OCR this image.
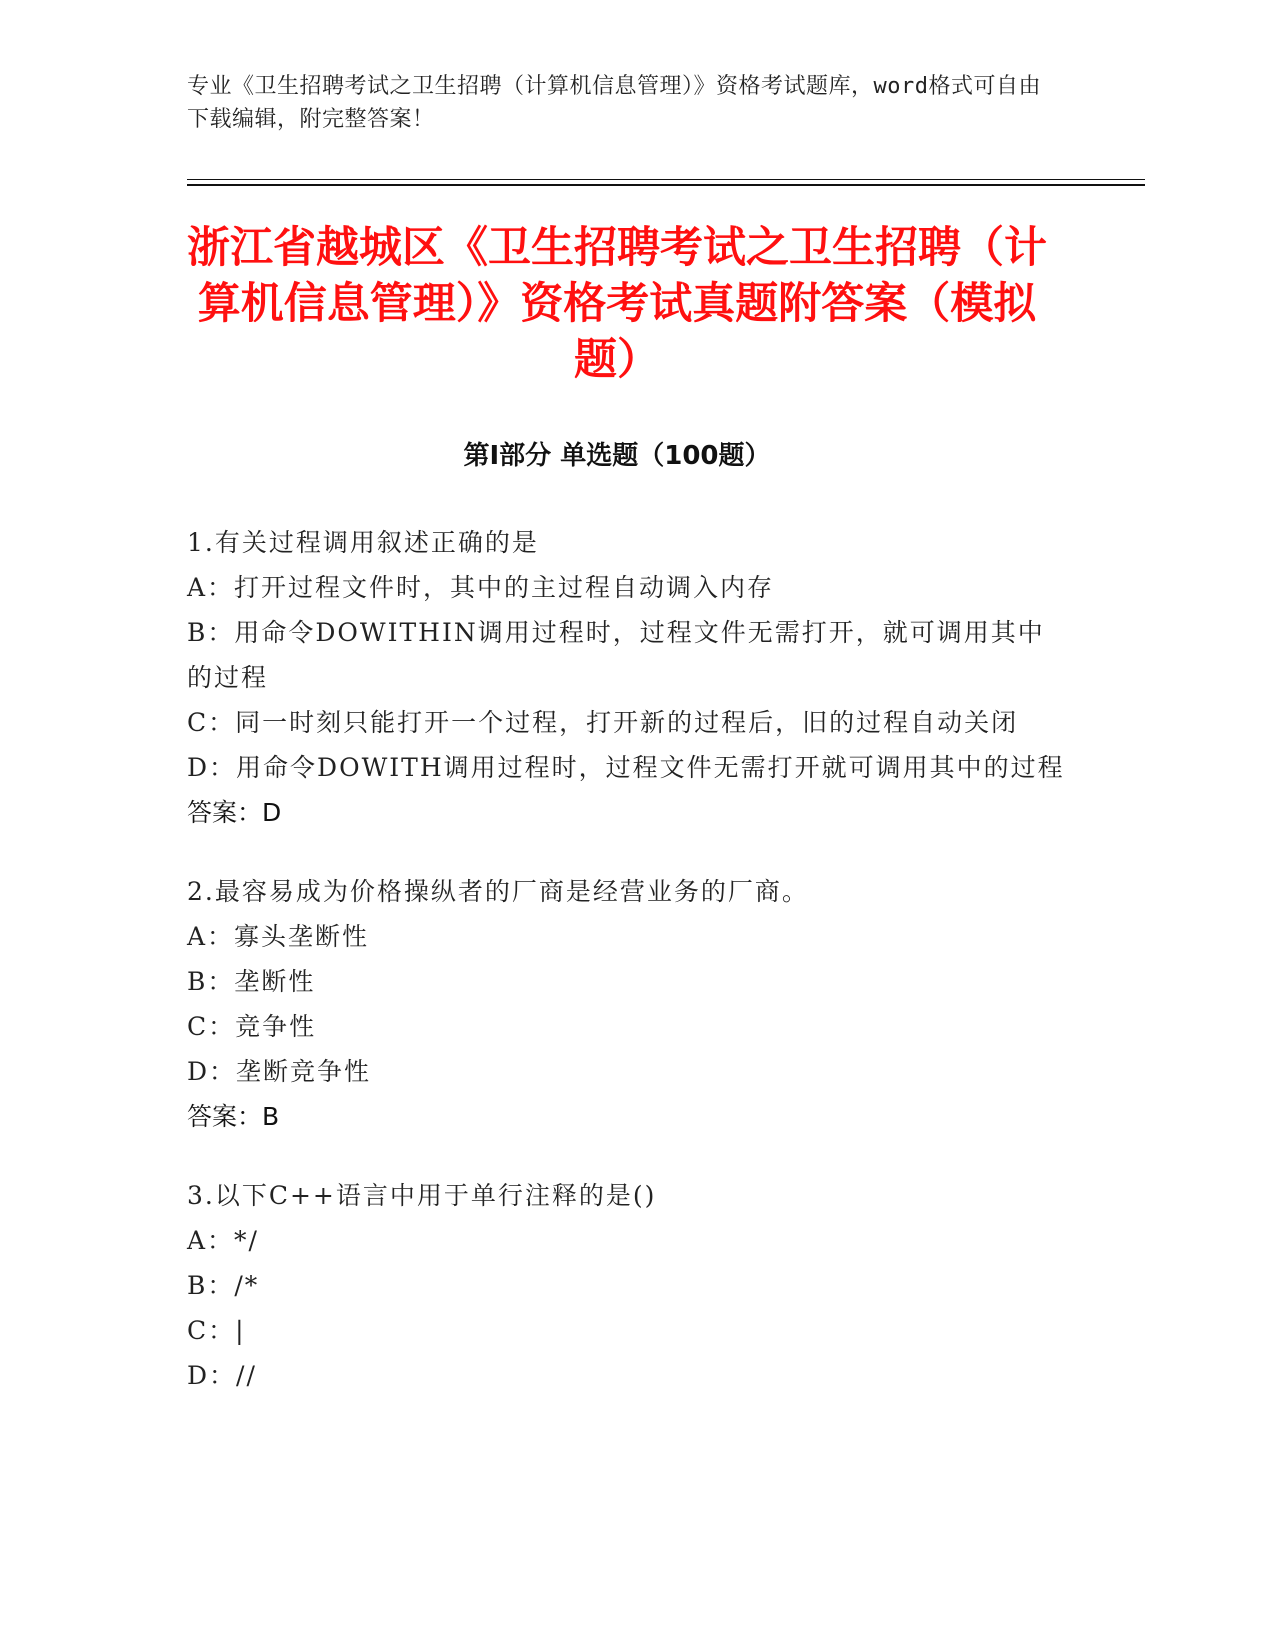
专业《卫生招聘考试之卫生招聘（计算机信息管理）》资格考试题库，word格式可自由下载编辑，附完整答案！

浙江省越城区《卫生招聘考试之卫生招聘（计算机信息管理）》资格考试真题附答案（模拟题）
第Ⅰ部分 单选题（100题）

1.有关过程调用叙述正确的是

A：打开过程文件时，其中的主过程自动调入内存

B：用命令DOWITHIN调用过程时，过程文件无需打开，就可调用其中的过程

C：同一时刻只能打开一个过程，打开新的过程后，旧的过程自动关闭

D：用命令DOWITH调用过程时，过程文件无需打开就可调用其中的过程

答案：D

2.最容易成为价格操纵者的厂商是经营业务的厂商。

A：寡头垄断性

B：垄断性

C：竞争性

D：垄断竞争性

答案：B

3.以下C++语言中用于单行注释的是()

A：*/

B：/*

C：|

D：//
